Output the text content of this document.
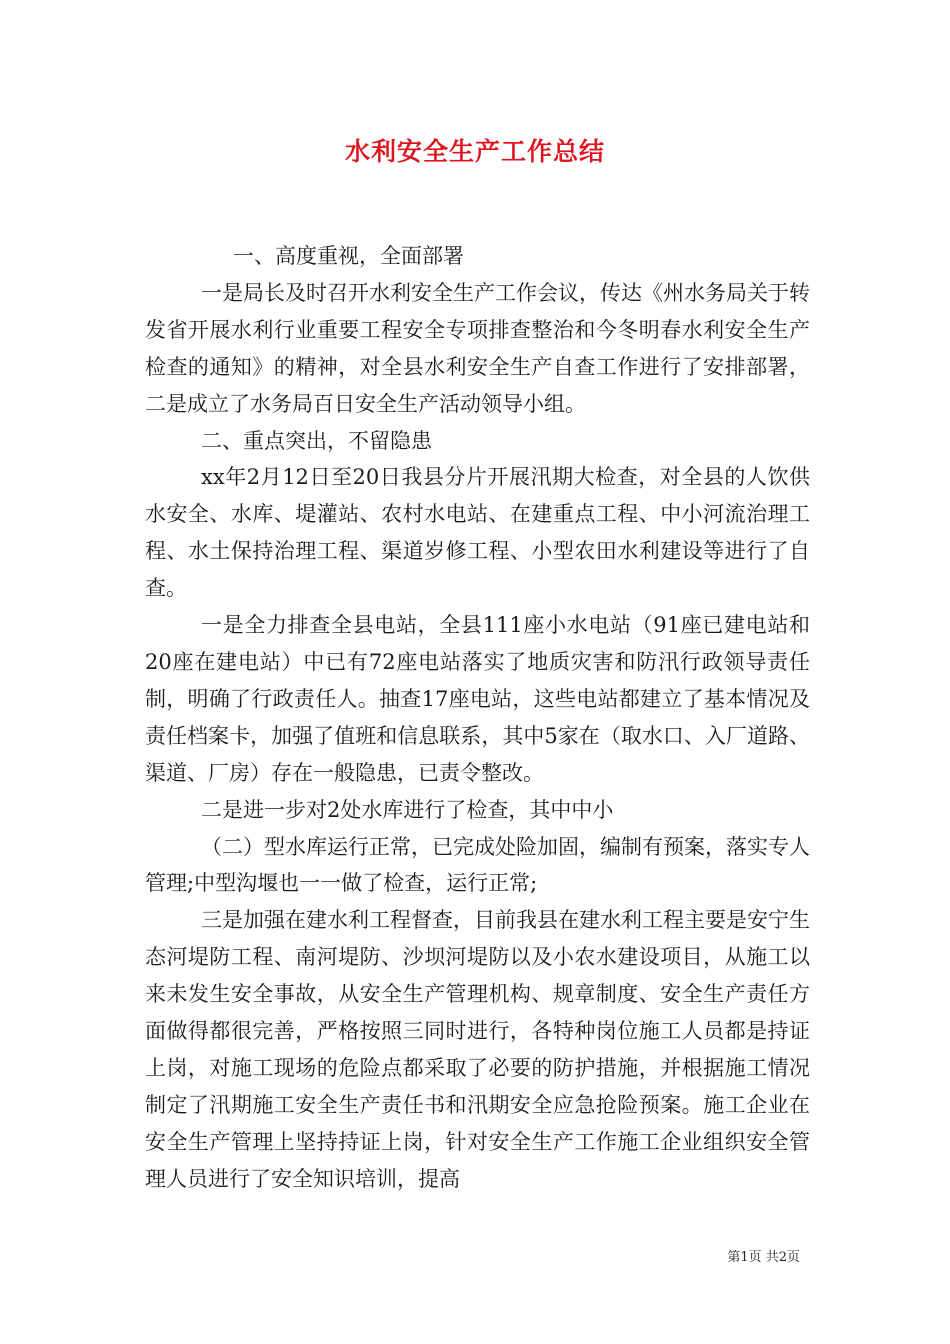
水利安全生产工作总结

一、高度重视，全面部署

一是局长及时召开水利安全生产工作会议，传达《州水务局关于转发省开展水利行业重要工程安全专项排查整治和今冬明春水利安全生产检查的通知》的精神，对全县水利安全生产自查工作进行了安排部署，二是成立了水务局百日安全生产活动领导小组。

二、重点突出，不留隐患

xx年2月12日至20日我县分片开展汛期大检查，对全县的人饮供水安全、水库、堤灌站、农村水电站、在建重点工程、中小河流治理工程、水土保持治理工程、渠道岁修工程、小型农田水利建设等进行了自查。

一是全力排查全县电站，全县111座小水电站（91座已建电站和20座在建电站）中已有72座电站落实了地质灾害和防汛行政领导责任制，明确了行政责任人。抽查17座电站，这些电站都建立了基本情况及责任档案卡，加强了值班和信息联系，其中5家在（取水口、入厂道路、渠道、厂房）存在一般隐患，已责令整改。

二是进一步对2处水库进行了检查，其中中小

（二）型水库运行正常，已完成处险加固，编制有预案，落实专人管理;中型沟堰也一一做了检查，运行正常;

三是加强在建水利工程督查，目前我县在建水利工程主要是安宁生态河堤防工程、南河堤防、沙坝河堤防以及小农水建设项目，从施工以来未发生安全事故，从安全生产管理机构、规章制度、安全生产责任方面做得都很完善，严格按照三同时进行，各特种岗位施工人员都是持证上岗，对施工现场的危险点都采取了必要的防护措施，并根据施工情况制定了汛期施工安全生产责任书和汛期安全应急抢险预案。施工企业在安全生产管理上坚持持证上岗，针对安全生产工作施工企业组织安全管理人员进行了安全知识培训，提高

第1页 共2页
